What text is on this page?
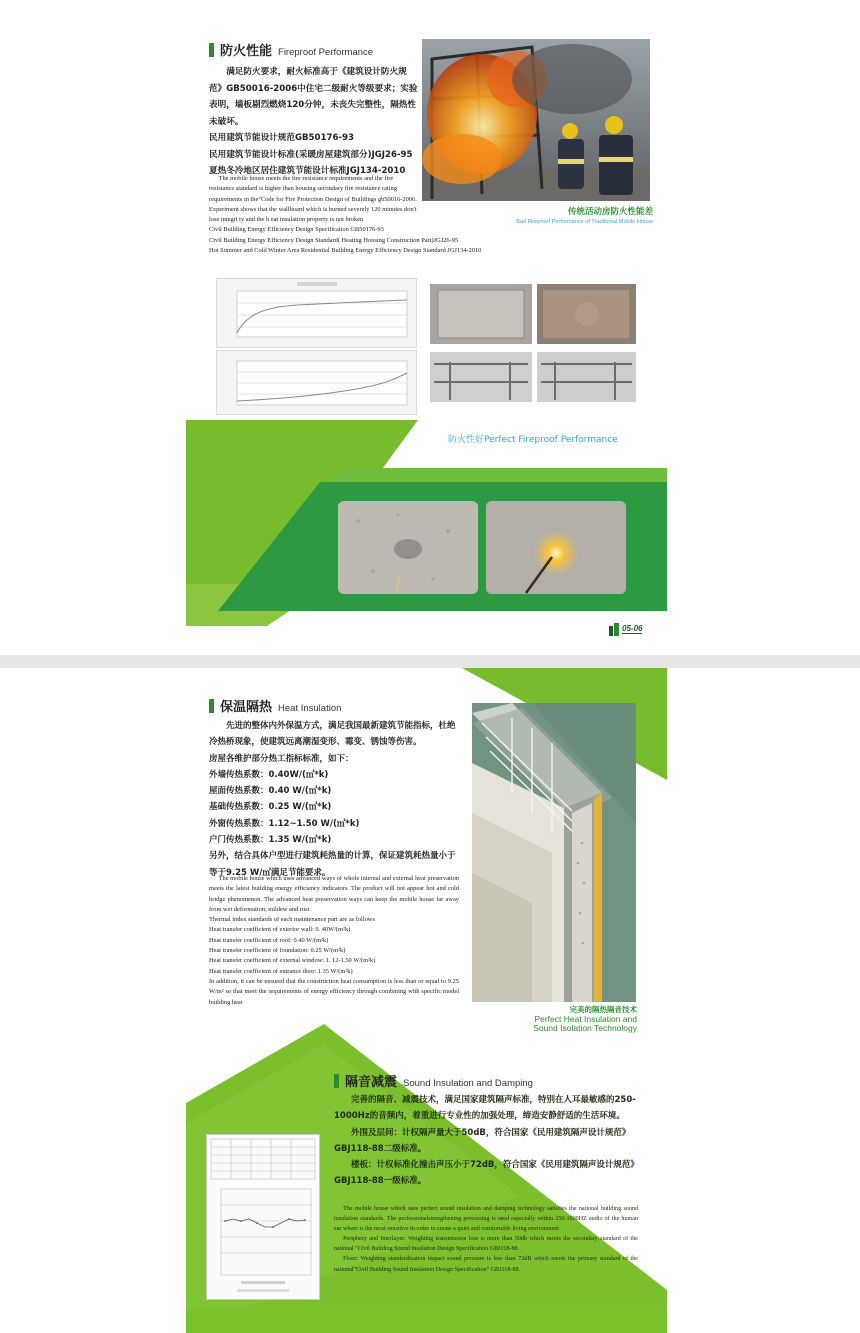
防火性能 Fireproof Performance

满足防火要求，耐火标准高于《建筑设计防火规范》GB50016-2006中住宅二级耐火等级要求；实验表明，墙板剔烈燃烧120分钟，未丧失完整性，隔热性未破坏。

民用建筑节能设计规范GB50176-93

民用建筑节能设计标准(采暖房屋建筑部分)JGJ26-95

夏热冬冷地区居住建筑节能设计标准JGJ134-2010

The mobile house meets the fire resistance requirements and the fire resistance standard is higher than housing secondary fire resistance rating requirements in the"Code for Fire Protection Design of Buildings gb50016-2006. Experiment shows that the wallboard which is burned severely 120 minutes don't lose integri ty and the h eat insulation property is not broken

Civil Building Energy Efficiency Design Specification GB50176-93

Civil Building Energy Efficiency Design Standard( Heating Housing Construction Part)JGJ26-95

Hot Summer and Cold Winter Area Residential Building Energy Efficiency Design Standard JGJ134-2010

传统活动房防火性能差
Bad Fireproof Performance of Traditional Mobile House
防火性好Perfect Fireproof Performance
05-06
完美的隔热隔音技术
Perfect Heat Insulation and
Sound Isolation Technology
保温隔热 Heat Insulation

先进的整体内外保温方式，满足我国最新建筑节能指标，杜绝冷热桥现象，使建筑远离潮湿变形、霉变、锈蚀等伤害。

房屋各维护部分热工指标标准，如下：

外墙传热系数：0.40W/(㎡*k)

屋面传热系数：0.40 W/(㎡*k)

基础传热系数：0.25 W/(㎡*k)

外窗传热系数：1.12~1.50 W/(㎡*k)

户门传热系数：1.35 W/(㎡*k)

另外，结合具体户型进行建筑耗热量的计算，保证建筑耗热量小于等于9.25 W/㎡满足节能要求。

The mobile house which uses advanced ways of whole internal and external heat preservation meets the latest building energy efficiency indicators. The product will not appear hot and cold bridge phenomenon. The advanced heat preservation ways can keep the mobile house far away from wet deformation, mildew and rust

Thermal index standards of each maintenance part are as follows

Heat transfer coefficient of exterior wall: 0. 40W/(m²k)

Heat transfer coefficient of roof: 0.40 W/(m²k)

Heat transfer coefficient of foundation: 0.25 W/(m²k)

Heat transfer coefficient of external window: 1. 12-1.50 W/(m²k)

Heat transfer coefficient of entrance door: 1.35 W/(m²k)

In addition, it can be ensured that the construction heat consumption is less than or equal to 9.25 W/m² so that meet the requirements of energy efficiency through combining with specific model building heat

隔音减震 Sound Insulation and Damping

完善的隔音、减震技术，满足国家建筑隔声标准，特别在人耳最敏感的250-1000Hz的音频内，着重进行专业性的加强处理，缔造安静舒适的生活环境。

外围及层间：计权隔声量大于50dB，符合国家《民用建筑隔声设计规范》GBJ118-88二级标准。

楼板：计权标准化撞击声压小于72dB，符合国家《民用建筑隔声设计规范》GBJ118-88一级标准。

The mobile house which uses perfect sound insulation and damping technology satisfies the national building sound insulation standards. The professionalstrengthening processing is used especially within 250-1000HZ audio of the human ear where is the most sensitive in order to create a quiet and comfortable living environment

Periphery and Interlayer: Weighting transmission loss is more than 50db which meets the secondary standard of the national "Civil Building Sound Insulation Design Specification GBJ118-88.

Floor: Weighting standardization impact sound pressure is less than 72dB which meets the primary standard of the national"Civil Building Sound Insulation Design Specification" GBJ118-88.
